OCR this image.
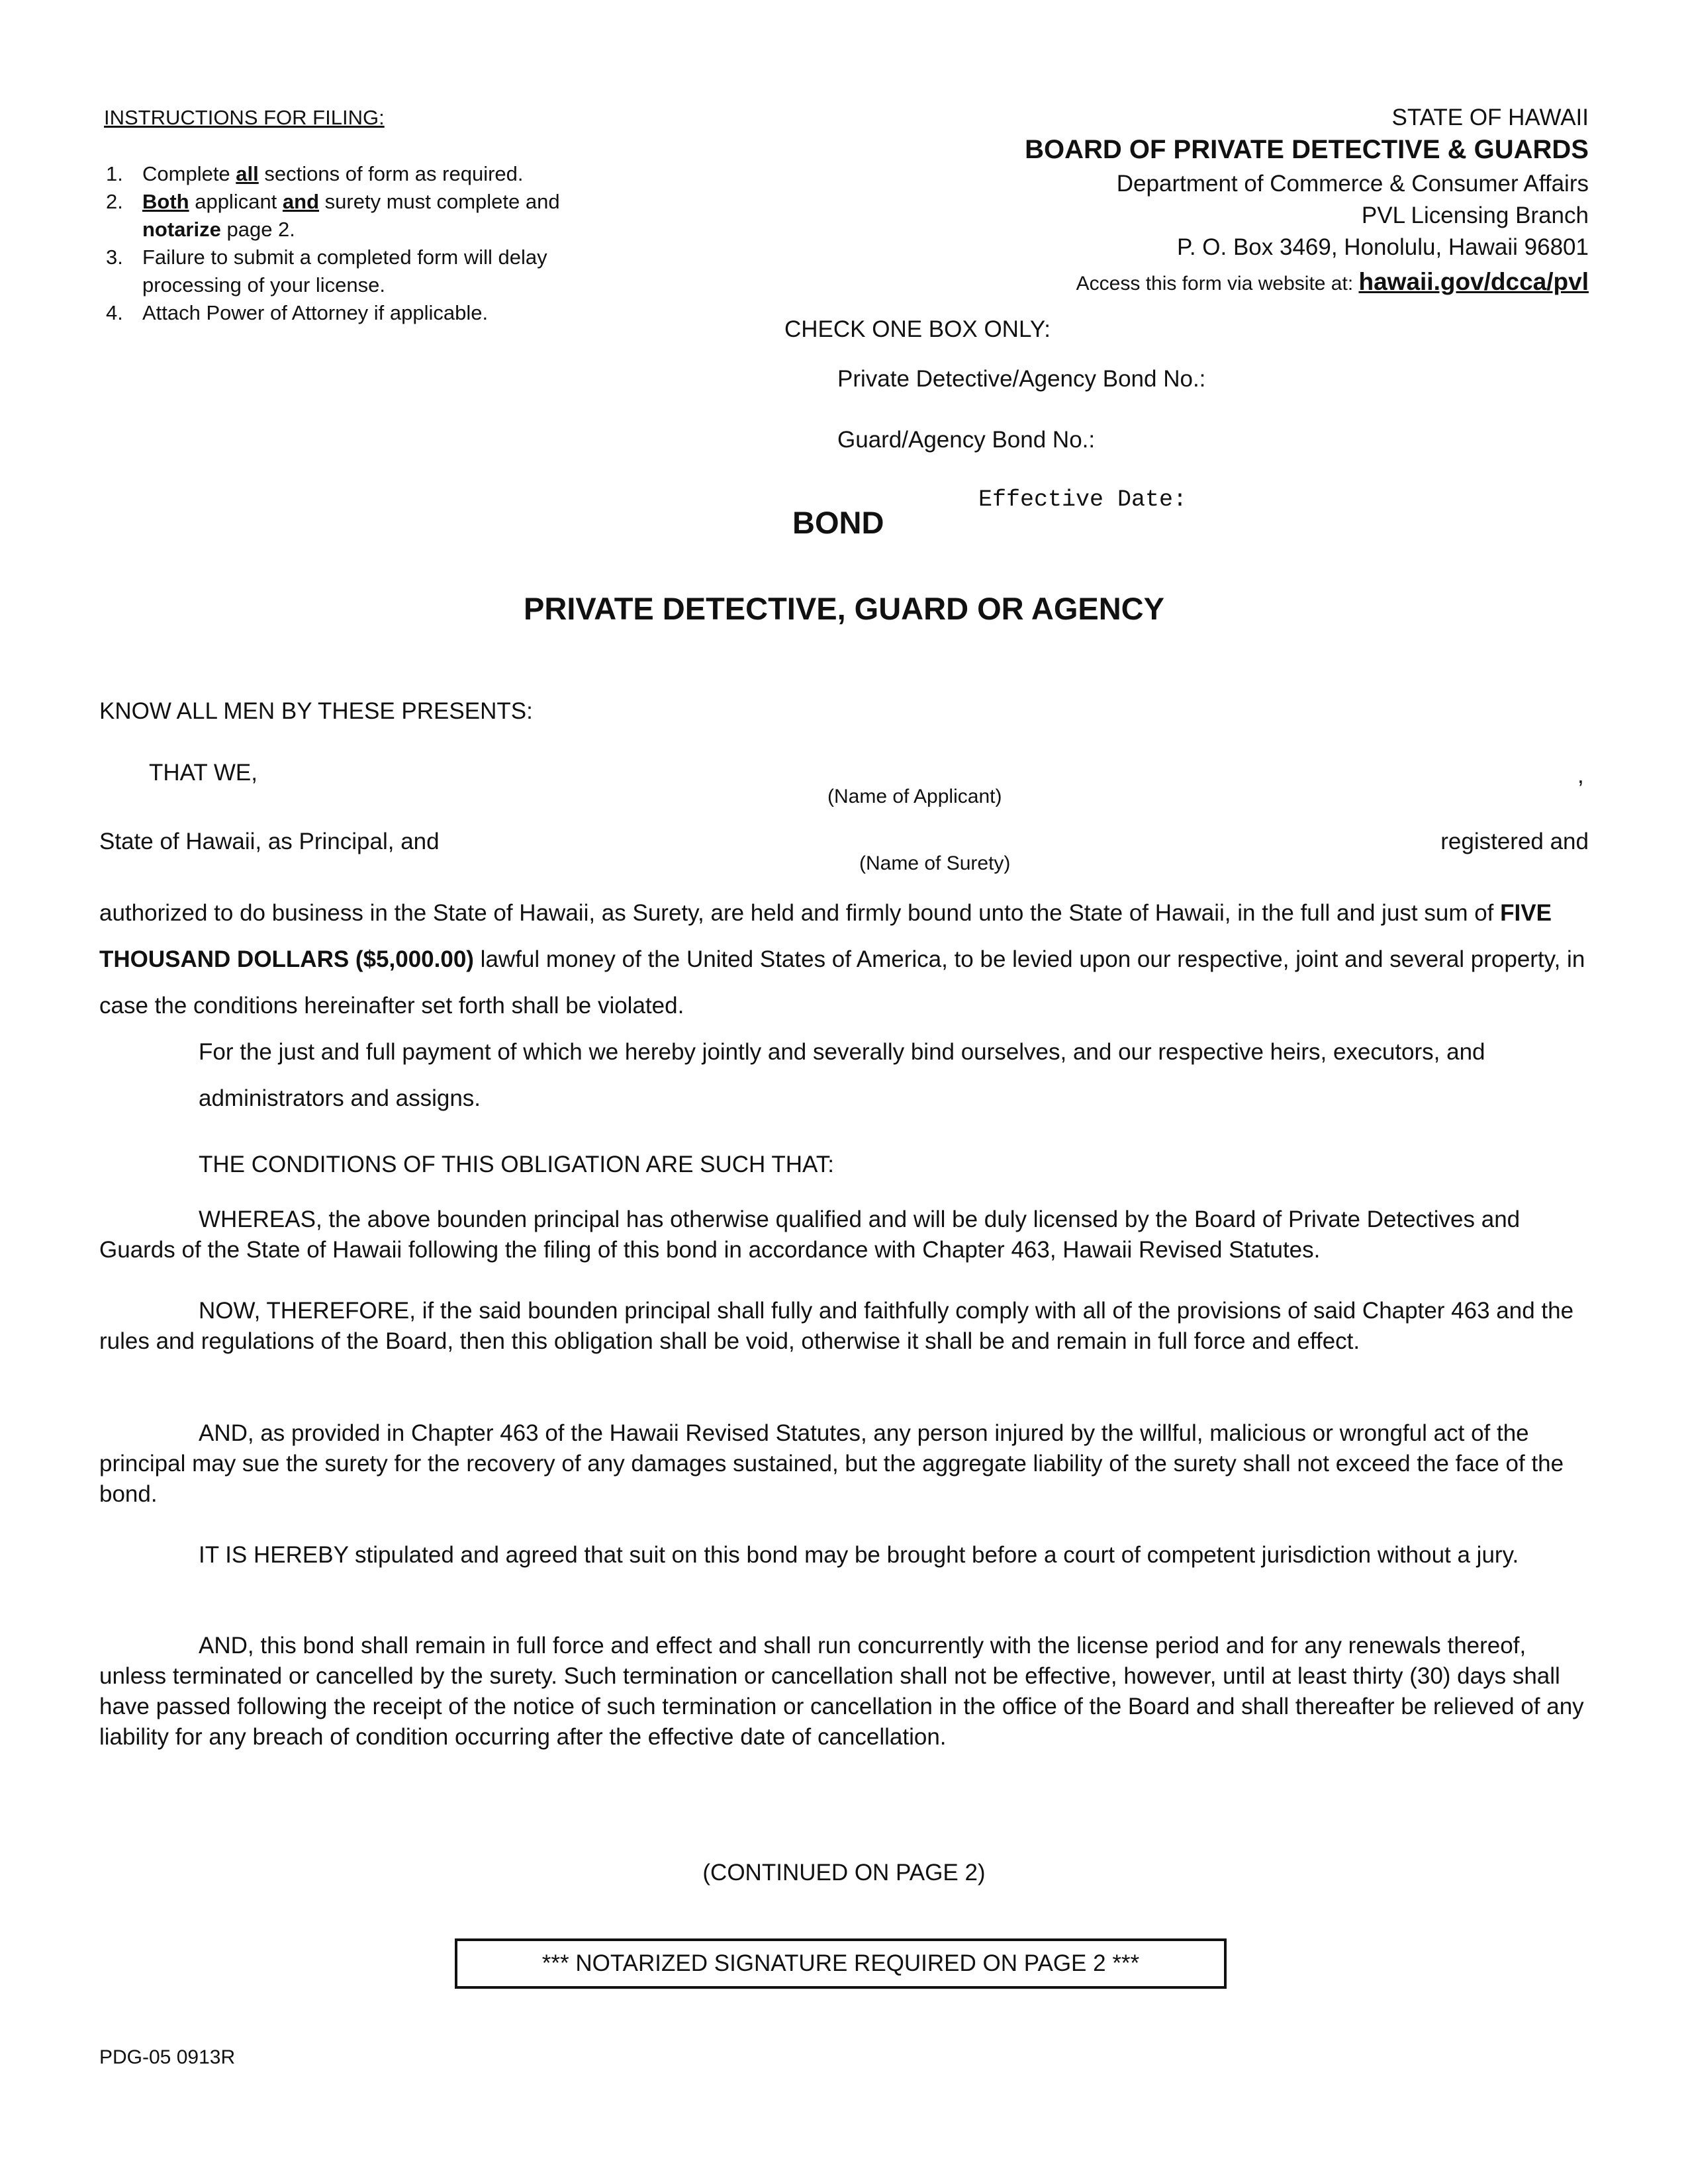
INSTRUCTIONS FOR FILING:
1. Complete all sections of form as required.
2. Both applicant and surety must complete and notarize page 2.
3. Failure to submit a completed form will delay processing of your license.
4. Attach Power of Attorney if applicable.
STATE OF HAWAII
BOARD OF PRIVATE DETECTIVE & GUARDS
Department of Commerce & Consumer Affairs
PVL Licensing Branch
P. O. Box 3469, Honolulu, Hawaii 96801
Access this form via website at: hawaii.gov/dcca/pvl
CHECK ONE BOX ONLY:
Private Detective/Agency Bond No.:
Guard/Agency Bond No.:
Effective Date:
BOND
PRIVATE DETECTIVE, GUARD OR AGENCY
KNOW ALL MEN BY THESE PRESENTS:
THAT WE,
(Name of Applicant)
,
State of Hawaii, as Principal, and
(Name of Surety)
registered and
authorized to do business in the State of Hawaii, as Surety, are held and firmly bound unto the State of Hawaii, in the full and just sum of FIVE THOUSAND DOLLARS ($5,000.00) lawful money of the United States of America, to be levied upon our respective, joint and several property, in case the conditions hereinafter set forth shall be violated.
For the just and full payment of which we hereby jointly and severally bind ourselves, and our respective heirs, executors, and administrators and assigns.
THE CONDITIONS OF THIS OBLIGATION ARE SUCH THAT:
WHEREAS, the above bounden principal has otherwise qualified and will be duly licensed by the Board of Private Detectives and Guards of the State of Hawaii following the filing of this bond in accordance with Chapter 463, Hawaii Revised Statutes.
NOW, THEREFORE, if the said bounden principal shall fully and faithfully comply with all of the provisions of said Chapter 463 and the rules and regulations of the Board, then this obligation shall be void, otherwise it shall be and remain in full force and effect.
AND, as provided in Chapter 463 of the Hawaii Revised Statutes, any person injured by the willful, malicious or wrongful act of the principal may sue the surety for the recovery of any damages sustained, but the aggregate liability of the surety shall not exceed the face of the bond.
IT IS HEREBY stipulated and agreed that suit on this bond may be brought before a court of competent jurisdiction without a jury.
AND, this bond shall remain in full force and effect and shall run concurrently with the license period and for any renewals thereof, unless terminated or cancelled by the surety. Such termination or cancellation shall not be effective, however, until at least thirty (30) days shall have passed following the receipt of the notice of such termination or cancellation in the office of the Board and shall thereafter be relieved of any liability for any breach of condition occurring after the effective date of cancellation.
(CONTINUED ON PAGE 2)
*** NOTARIZED SIGNATURE REQUIRED ON PAGE 2 ***
PDG-05 0913R
